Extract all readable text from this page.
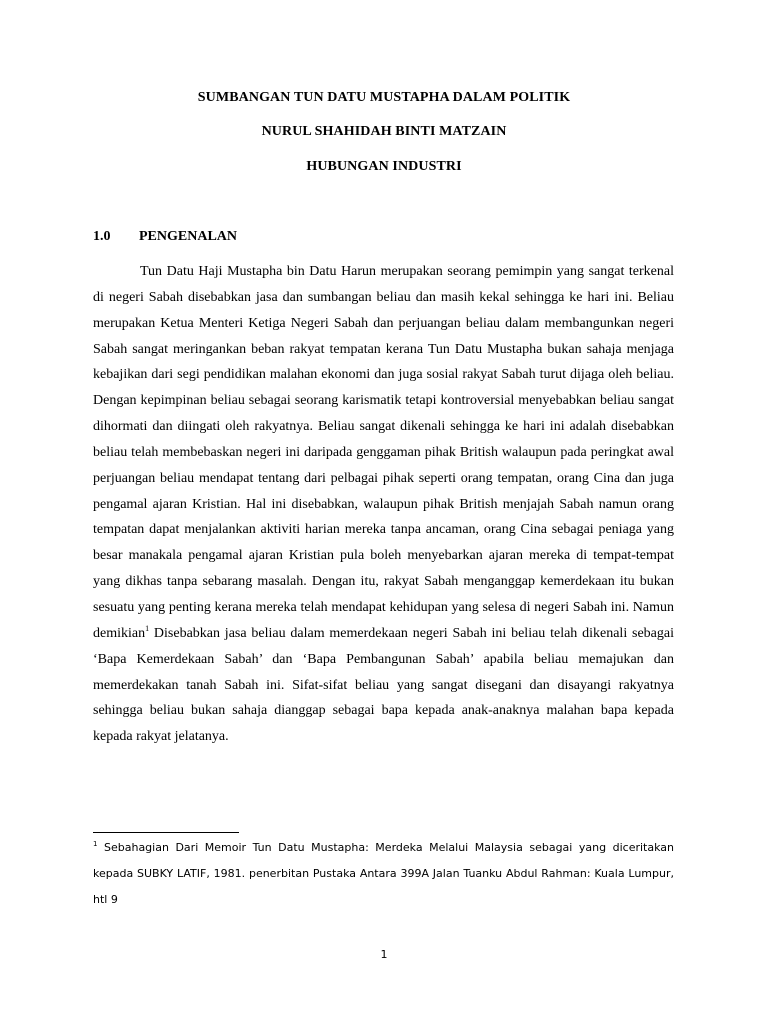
SUMBANGAN TUN DATU MUSTAPHA DALAM POLITIK
NURUL SHAHIDAH BINTI MATZAIN
HUBUNGAN INDUSTRI
1.0 PENGENALAN

Tun Datu Haji Mustapha bin Datu Harun merupakan seorang pemimpin yang sangat terkenal di negeri Sabah disebabkan jasa dan sumbangan beliau dan masih kekal sehingga ke hari ini. Beliau merupakan Ketua Menteri Ketiga Negeri Sabah dan perjuangan beliau dalam membangunkan negeri Sabah sangat meringankan beban rakyat tempatan kerana Tun Datu Mustapha bukan sahaja menjaga kebajikan dari segi pendidikan malahan ekonomi dan juga sosial rakyat Sabah turut dijaga oleh beliau. Dengan kepimpinan beliau sebagai seorang karismatik tetapi kontroversial menyebabkan beliau sangat dihormati dan diingati oleh rakyatnya. Beliau sangat dikenali sehingga ke hari ini adalah disebabkan beliau telah membebaskan negeri ini daripada genggaman pihak British walaupun pada peringkat awal perjuangan beliau mendapat tentang dari pelbagai pihak seperti orang tempatan, orang Cina dan juga pengamal ajaran Kristian. Hal ini disebabkan, walaupun pihak British menjajah Sabah namun orang tempatan dapat menjalankan aktiviti harian mereka tanpa ancaman, orang Cina sebagai peniaga yang besar manakala pengamal ajaran Kristian pula boleh menyebarkan ajaran mereka di tempat-tempat yang dikhas tanpa sebarang masalah. Dengan itu, rakyat Sabah menganggap kemerdekaan itu bukan sesuatu yang penting kerana mereka telah mendapat kehidupan yang selesa di negeri Sabah ini. Namun demikian$^1$ Disebabkan jasa beliau dalam memerdekaan negeri Sabah ini beliau telah dikenali sebagai ‘Bapa Kemerdekaan Sabah’ dan ‘Bapa Pembangunan Sabah’ apabila beliau memajukan dan memerdekakan tanah Sabah ini. Sifat-sifat beliau yang sangat disegani dan disayangi rakyatnya sehingga beliau bukan sahaja dianggap sebagai bapa kepada anak-anaknya malahan bapa kepada kepada rakyat jelatanya.

$^1$ Sebahagian Dari Memoir Tun Datu Mustapha: Merdeka Melalui Malaysia sebagai yang diceritakan kepada SUBKY LATIF, 1981. penerbitan Pustaka Antara 399A Jalan Tuanku Abdul Rahman: Kuala Lumpur, htl 9

1
